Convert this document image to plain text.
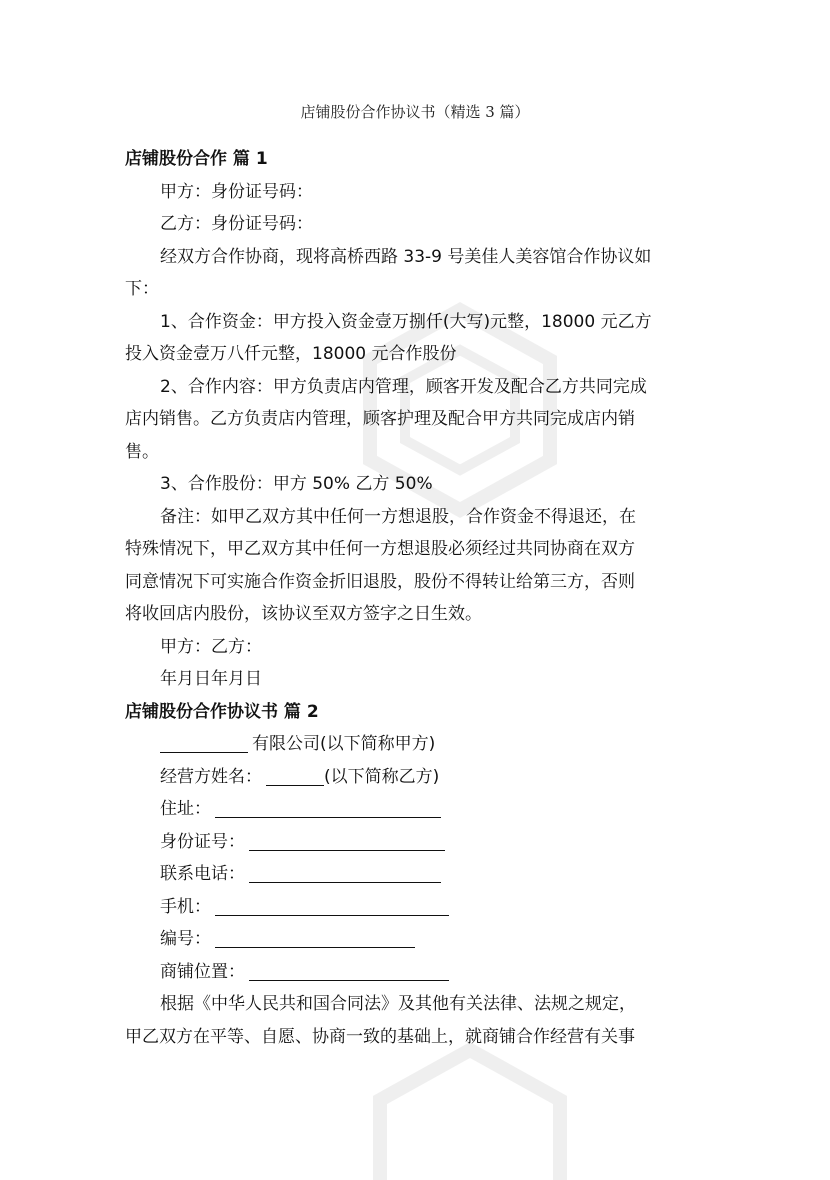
店铺股份合作协议书（精选 3 篇）

店铺股份合作 篇 1

甲方：身份证号码：

乙方：身份证号码：

经双方合作协商，现将高桥西路 33-9 号美佳人美容馆合作协议如

下：

1、合作资金：甲方投入资金壹万捌仟(大写)元整，18000 元乙方

投入资金壹万八仟元整，18000 元合作股份

2、合作内容：甲方负责店内管理，顾客开发及配合乙方共同完成

店内销售。乙方负责店内管理，顾客护理及配合甲方共同完成店内销

售。

3、合作股份：甲方 50% 乙方 50%

备注：如甲乙双方其中任何一方想退股，合作资金不得退还，在

特殊情况下，甲乙双方其中任何一方想退股必须经过共同协商在双方

同意情况下可实施合作资金折旧退股，股份不得转让给第三方，否则

将收回店内股份，该协议至双方签字之日生效。

甲方：乙方：

年月日年月日

店铺股份合作协议书 篇 2

有限公司(以下简称甲方)

经营方姓名：	(以下简称乙方)

住址：

身份证号：

联系电话：

手机：

编号：

商铺位置：

根据《中华人民共和国合同法》及其他有关法律、法规之规定，

甲乙双方在平等、自愿、协商一致的基础上，就商铺合作经营有关事
